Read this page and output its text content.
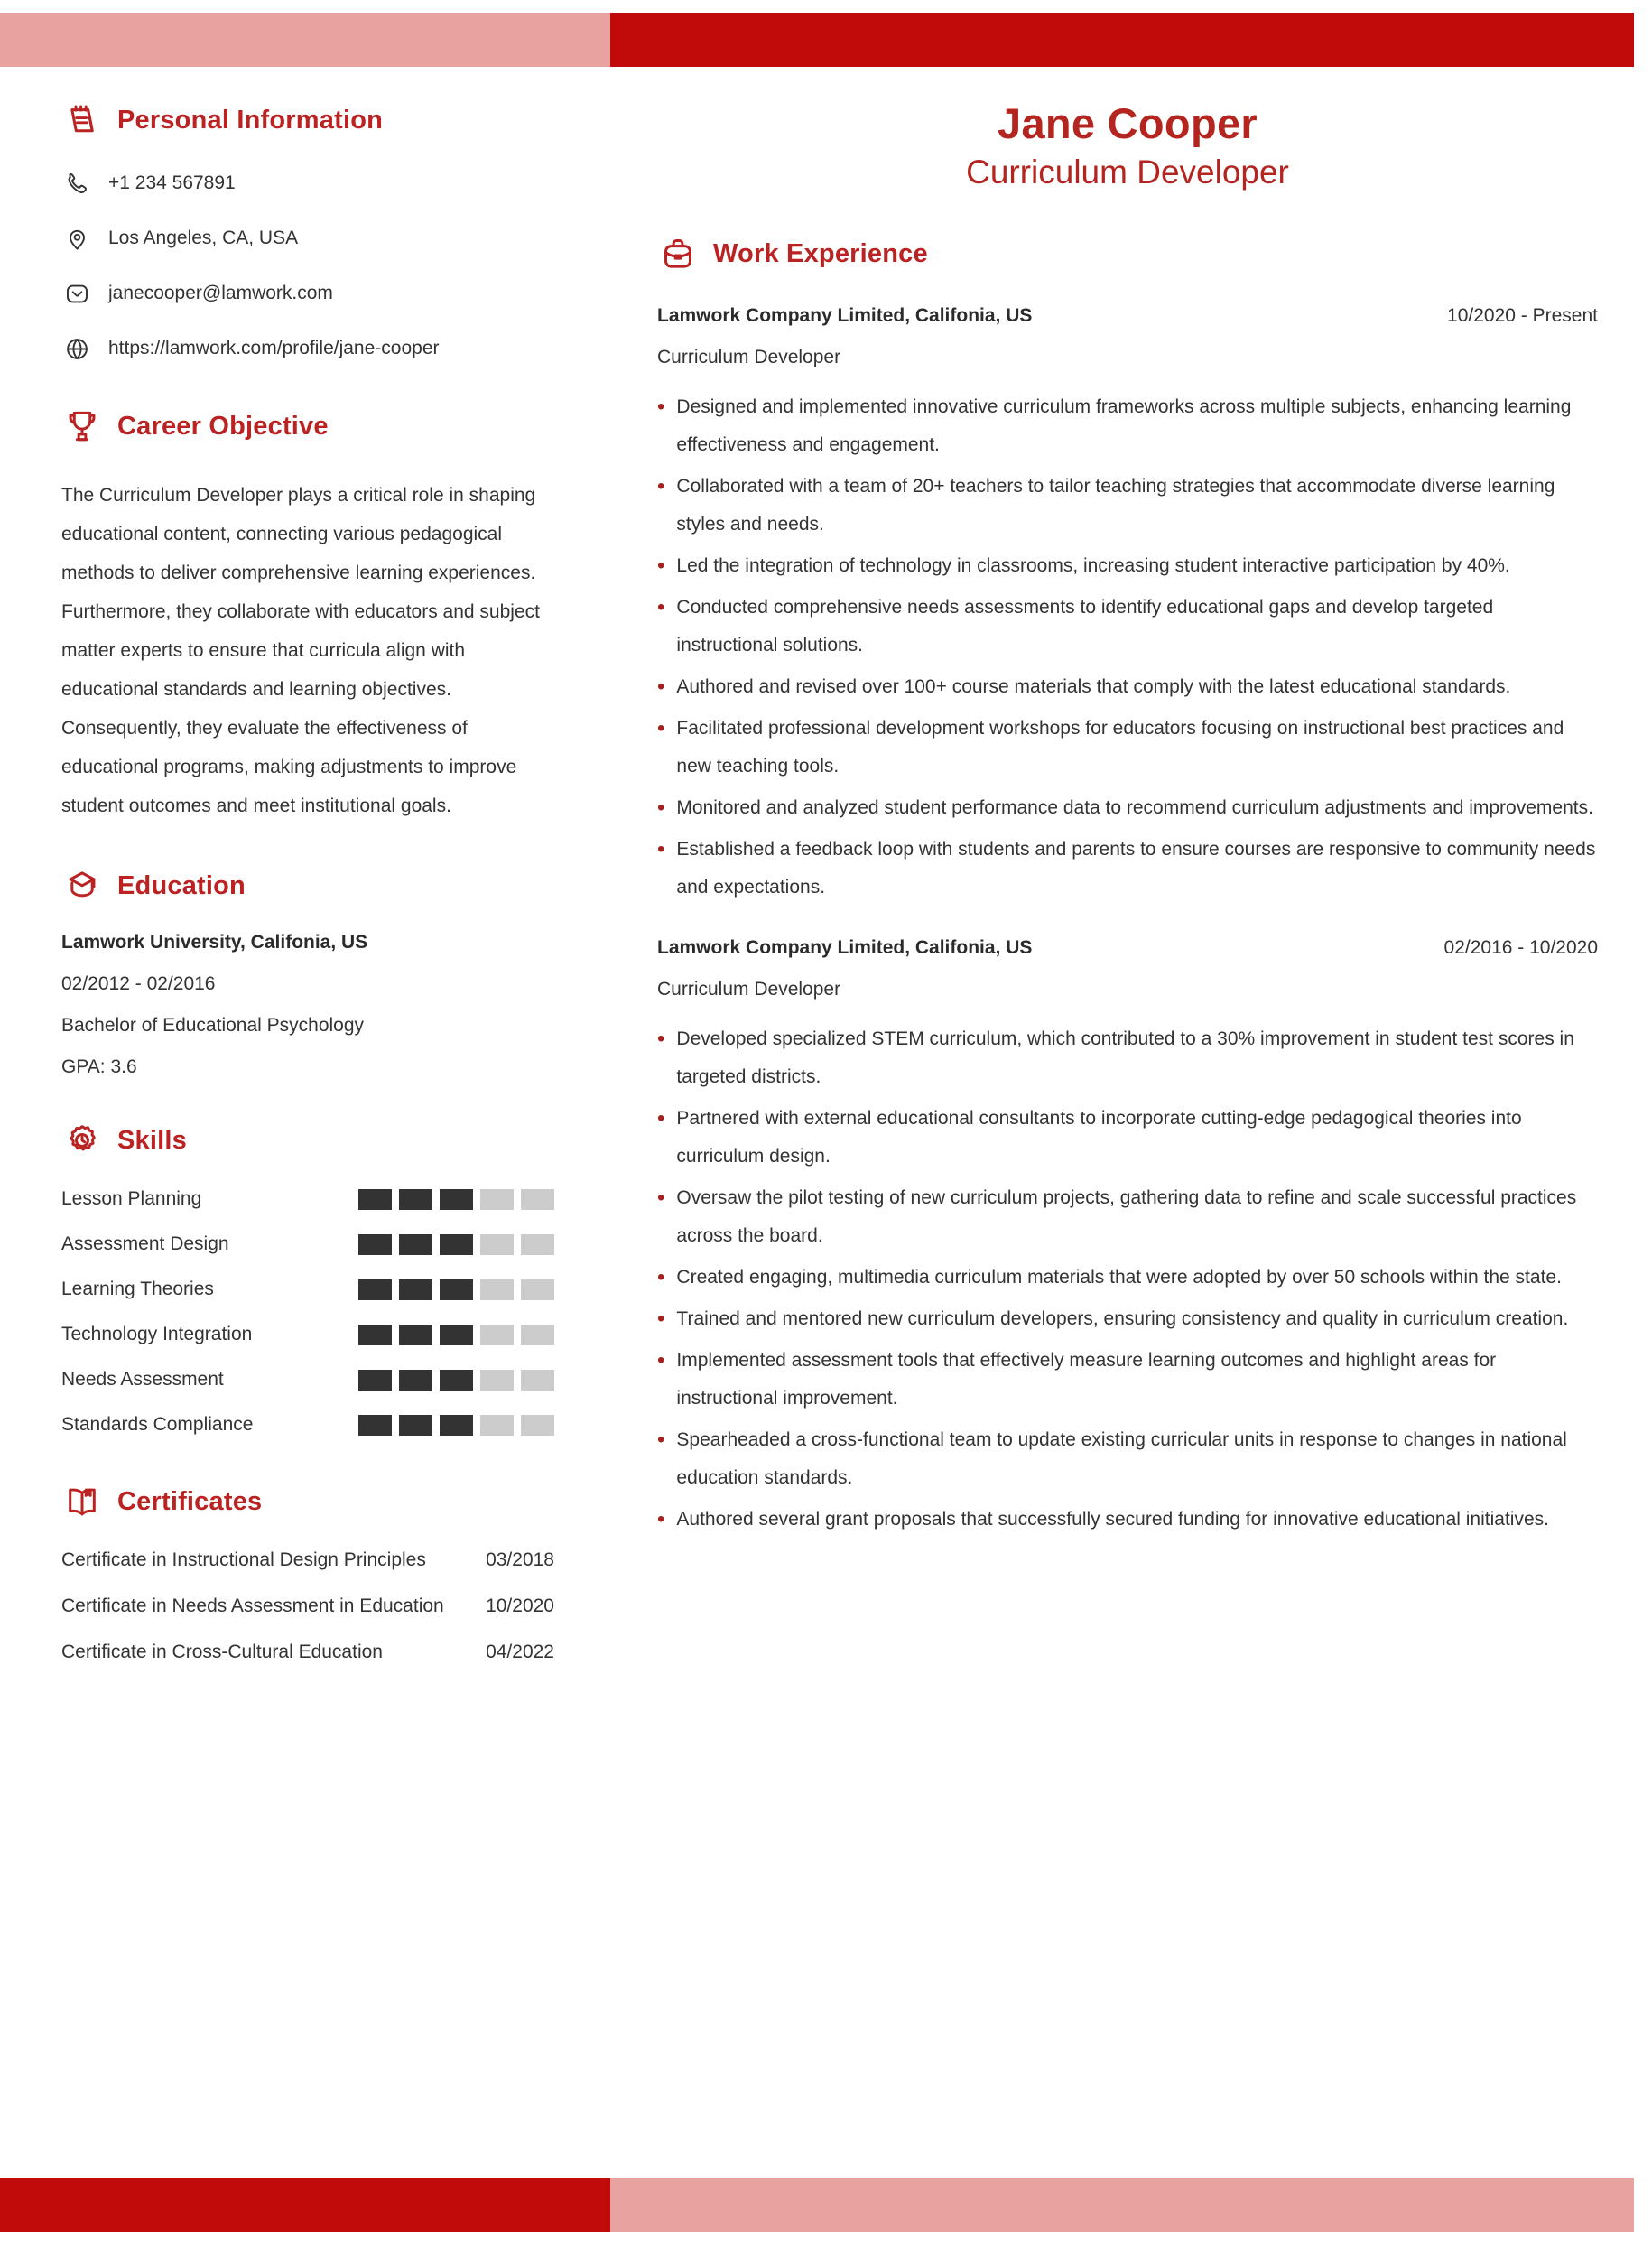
Personal Information
+1 234 567891
Los Angeles, CA, USA
janecooper@lamwork.com
https://lamwork.com/profile/jane-cooper
Career Objective

The Curriculum Developer plays a critical role in shaping educational content, connecting various pedagogical methods to deliver comprehensive learning experiences. Furthermore, they collaborate with educators and subject matter experts to ensure that curricula align with educational standards and learning objectives. Consequently, they evaluate the effectiveness of educational programs, making adjustments to improve student outcomes and meet institutional goals.

Education
Lamwork University, Califonia, US
02/2012 - 02/2016
Bachelor of Educational Psychology
GPA: 3.6
Skills
Lesson Planning
Assessment Design
Learning Theories
Technology Integration
Needs Assessment
Standards Compliance
Certificates
Certificate in Instructional Design Principles	03/2018
Certificate in Needs Assessment in Education 10/2020
Certificate in Cross-Cultural Education	04/2022
Jane Cooper
Curriculum Developer
Work Experience
Lamwork Company Limited, Califonia, US	10/2020 - Present
Curriculum Developer
• Designed and implemented innovative curriculum frameworks across multiple subjects, enhancing learning effectiveness and engagement.
• Collaborated with a team of 20+ teachers to tailor teaching strategies that accommodate diverse learning styles and needs.
• Led the integration of technology in classrooms, increasing student interactive participation by 40%.
• Conducted comprehensive needs assessments to identify educational gaps and develop targeted instructional solutions.
• Authored and revised over 100+ course materials that comply with the latest educational standards.
• Facilitated professional development workshops for educators focusing on instructional best practices and new teaching tools.
• Monitored and analyzed student performance data to recommend curriculum adjustments and improvements.
• Established a feedback loop with students and parents to ensure courses are responsive to community needs and expectations.
Lamwork Company Limited, Califonia, US	02/2016 - 10/2020
Curriculum Developer
• Developed specialized STEM curriculum, which contributed to a 30% improvement in student test scores in targeted districts.
• Partnered with external educational consultants to incorporate cutting-edge pedagogical theories into curriculum design.
• Oversaw the pilot testing of new curriculum projects, gathering data to refine and scale successful practices across the board.
• Created engaging, multimedia curriculum materials that were adopted by over 50 schools within the state.
• Trained and mentored new curriculum developers, ensuring consistency and quality in curriculum creation.
• Implemented assessment tools that effectively measure learning outcomes and highlight areas for instructional improvement.
• Spearheaded a cross-functional team to update existing curricular units in response to changes in national education standards.
• Authored several grant proposals that successfully secured funding for innovative educational initiatives.
